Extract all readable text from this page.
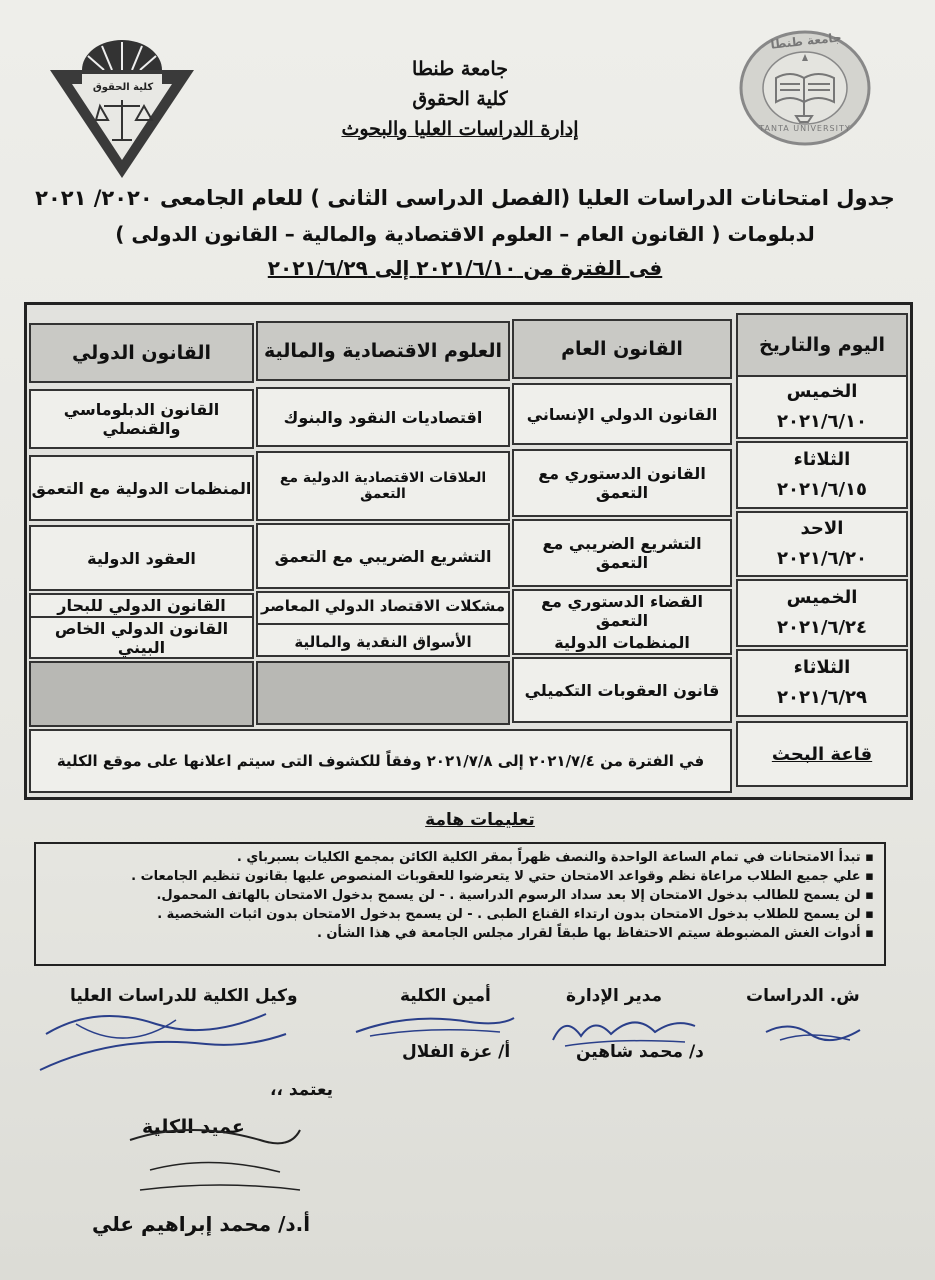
كلية الحقوق
جامعة طنطا
TANTA UNIVERSITY
جامعة طنطا
كلية الحقوق
إدارة الدراسات العليا والبحوث
جدول امتحانات الدراسات العليا (الفصل الدراسى الثانى ) للعام الجامعى ٢٠٢٠/ ٢٠٢١
لدبلومات ( القانون العام – العلوم الاقتصادية والمالية – القانون الدولى )
فى الفترة من ٢٠٢١/٦/١٠ إلى ٢٠٢١/٦/٢٩
اليوم والتاريخ
القانون العام
العلوم الاقتصادية والمالية
القانون الدولي
الخميس
٢٠٢١/٦/١٠
القانون الدولي الإنساني
اقتصاديات النقود والبنوك
القانون الدبلوماسي والقنصلي
الثلاثاء
٢٠٢١/٦/١٥
القانون الدستوري مع التعمق
العلاقات الاقتصادية الدولية مع التعمق
المنظمات الدولية مع التعمق
الاحد
٢٠٢١/٦/٢٠
التشريع الضريبي مع التعمق
التشريع الضريبي مع التعمق
العقود الدولية
الخميس
٢٠٢١/٦/٢٤
القضاء الدستوري مع التعمق
المنظمات الدولية
مشكلات الاقتصاد الدولي المعاصر
الأسواق النقدية والمالية
القانون الدولي للبحار
القانون الدولي الخاص البيني
الثلاثاء
٢٠٢١/٦/٢٩
قانون العقوبات التكميلي
قاعة البحث
في الفترة من ٢٠٢١/٧/٤ إلى ٢٠٢١/٧/٨ وفقاً للكشوف التى سيتم اعلانها على موقع الكلية
تعليمات هامة
▪ تبدأ الامتحانات في تمام الساعة الواحدة والنصف ظهراً بمقر الكلية الكائن بمجمع الكليات بسبرباي .
▪ علي جميع الطلاب مراعاة نظم وقواعد الامتحان حتي لا يتعرضوا للعقوبات المنصوص عليها بقانون تنظيم الجامعات .
▪ لن يسمح للطالب بدخول الامتحان إلا بعد سداد الرسوم الدراسية . - لن يسمح بدخول الامتحان بالهاتف المحمول.
▪ لن يسمح للطلاب بدخول الامتحان بدون ارتداء القناع الطبى . - لن يسمح بدخول الامتحان بدون اثبات الشخصية .
▪ أدوات الغش المضبوطة سيتم الاحتفاظ بها طبقاً لقرار مجلس الجامعة في هذا الشأن .
ش. الدراسات
مدير الإدارة
أمين الكلية
وكيل الكلية للدراسات العليا
د/ محمد شاهين
أ/ عزة الفلال
يعتمد ،،
عميد الكلية
أ.د/ محمد إبراهيم علي
